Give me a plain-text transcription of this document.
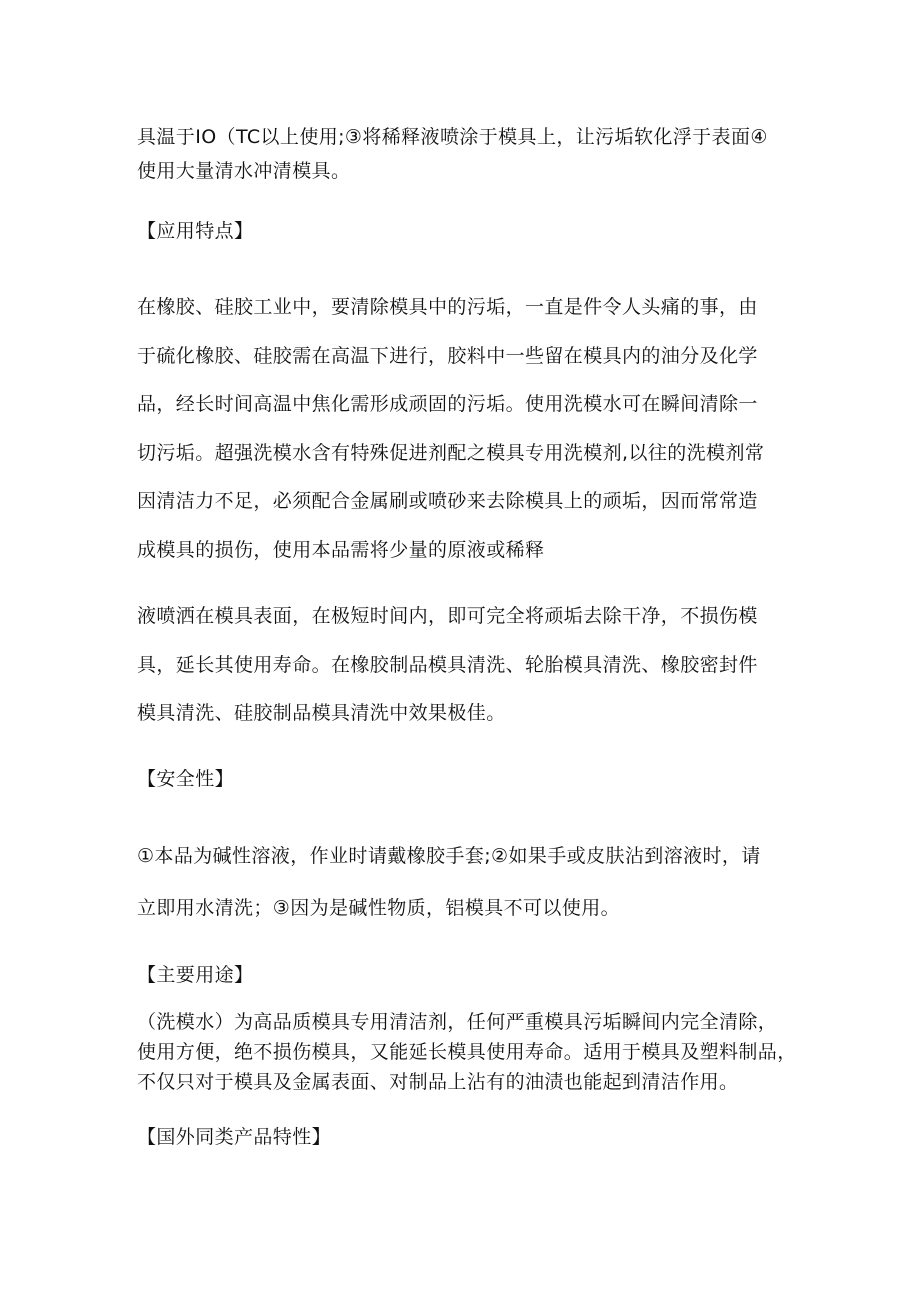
具温于IO（TC以上使用;③将稀释液喷涂于模具上，让污垢软化浮于表面④
使用大量清水冲清模具。

【应用特点】

在橡胶、硅胶工业中，要清除模具中的污垢，一直是件令人头痛的事，由
于硫化橡胶、硅胶需在高温下进行，胶料中一些留在模具内的油分及化学
品，经长时间高温中焦化需形成顽固的污垢。使用洗模水可在瞬间清除一
切污垢。超强洗模水含有特殊促进剂配之模具专用洗模剂,以往的洗模剂常
因清洁力不足，必须配合金属刷或喷砂来去除模具上的顽垢，因而常常造
成模具的损伤，使用本品需将少量的原液或稀释

液喷洒在模具表面，在极短时间内，即可完全将顽垢去除干净，不损伤模
具，延长其使用寿命。在橡胶制品模具清洗、轮胎模具清洗、橡胶密封件
模具清洗、硅胶制品模具清洗中效果极佳。

【安全性】

①本品为碱性溶液，作业时请戴橡胶手套;②如果手或皮肤沾到溶液时，请
立即用水清洗；③因为是碱性物质，铝模具不可以使用。

【主要用途】

（洗模水）为高品质模具专用清洁剂，任何严重模具污垢瞬间内完全清除，
使用方便，绝不损伤模具，又能延长模具使用寿命。适用于模具及塑料制品，
不仅只对于模具及金属表面、对制品上沾有的油渍也能起到清洁作用。

【国外同类产品特性】
